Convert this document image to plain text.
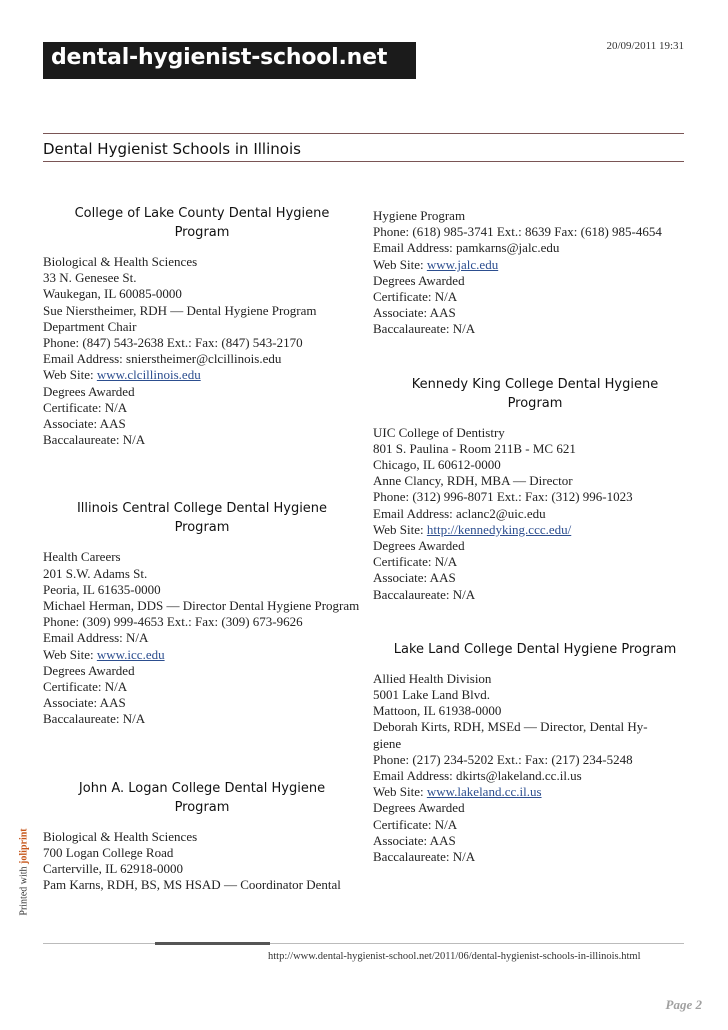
20/09/2011 19:31
dental-hygienist-school.net
Dental Hygienist Schools in Illinois
College of Lake County Dental Hygiene Program
Biological & Health Sciences
33 N. Genesee St.
Waukegan, IL 60085-0000
Sue Nierstheimer, RDH — Dental Hygiene Program
Department Chair
Phone: (847) 543-2638 Ext.: Fax: (847) 543-2170
Email Address: snierstheimer@clcillinois.edu
Web Site: www.clcillinois.edu
Degrees Awarded
Certificate: N/A
Associate: AAS
Baccalaureate: N/A
Illinois Central College Dental Hygiene Program
Health Careers
201 S.W. Adams St.
Peoria, IL 61635-0000
Michael Herman, DDS — Director Dental Hygiene Program
Phone: (309) 999-4653 Ext.: Fax: (309) 673-9626
Email Address: N/A
Web Site: www.icc.edu
Degrees Awarded
Certificate: N/A
Associate: AAS
Baccalaureate: N/A
John A. Logan College Dental Hygiene Program
Biological & Health Sciences
700 Logan College Road
Carterville, IL 62918-0000
Pam Karns, RDH, BS, MS HSAD — Coordinator Dental
Hygiene Program
Phone: (618) 985-3741 Ext.: 8639 Fax: (618) 985-4654
Email Address: pamkarns@jalc.edu
Web Site: www.jalc.edu
Degrees Awarded
Certificate: N/A
Associate: AAS
Baccalaureate: N/A
Kennedy King College Dental Hygiene Program
UIC College of Dentistry
801 S. Paulina - Room 211B - MC 621
Chicago, IL 60612-0000
Anne Clancy, RDH, MBA — Director
Phone: (312) 996-8071 Ext.: Fax: (312) 996-1023
Email Address: aclanc2@uic.edu
Web Site: http://kennedyking.ccc.edu/
Degrees Awarded
Certificate: N/A
Associate: AAS
Baccalaureate: N/A
Lake Land College Dental Hygiene Program
Allied Health Division
5001 Lake Land Blvd.
Mattoon, IL 61938-0000
Deborah Kirts, RDH, MSEd — Director, Dental Hy-
giene
Phone: (217) 234-5202 Ext.: Fax: (217) 234-5248
Email Address: dkirts@lakeland.cc.il.us
Web Site: www.lakeland.cc.il.us
Degrees Awarded
Certificate: N/A
Associate: AAS
Baccalaureate: N/A
Printed with joliprint
http://www.dental-hygienist-school.net/2011/06/dental-hygienist-schools-in-illinois.html
Page 2
